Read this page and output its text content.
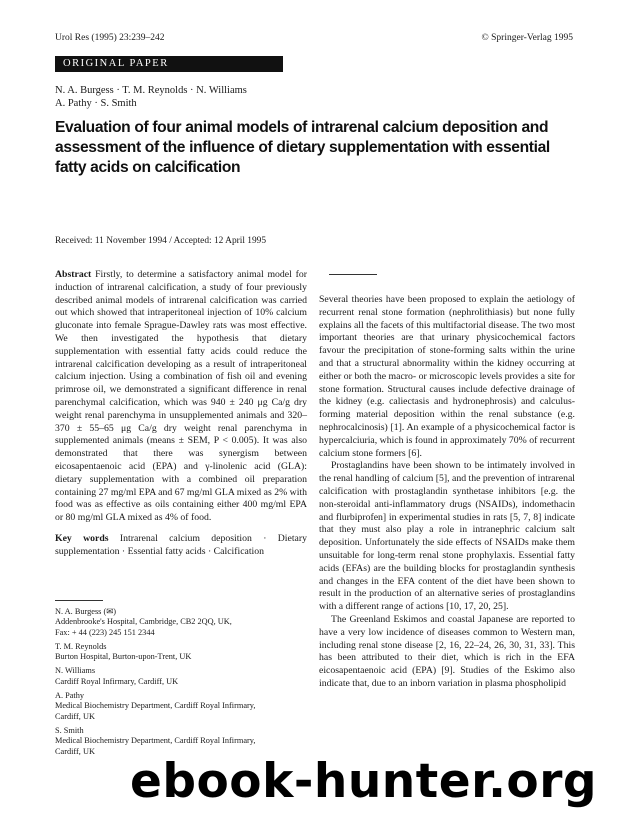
Urol Res (1995) 23:239–242	© Springer-Verlag 1995
ORIGINAL PAPER
N. A. Burgess · T. M. Reynolds · N. Williams
A. Pathy · S. Smith
Evaluation of four animal models of intrarenal calcium deposition and assessment of the influence of dietary supplementation with essential fatty acids on calcification
Received: 11 November 1994 / Accepted: 12 April 1995

Abstract Firstly, to determine a satisfactory animal model for induction of intrarenal calcification, a study of four previously described animal models of intrarenal calcification was carried out which showed that intraperitoneal injection of 10% calcium gluconate into female Sprague-Dawley rats was most effective. We then investigated the hypothesis that dietary supplementation with essential fatty acids could reduce the intrarenal calcification developing as a result of intraperitoneal calcium injection. Using a combination of fish oil and evening primrose oil, we demonstrated a significant difference in renal parenchymal calcification, which was 940 ± 240 μg Ca/g dry weight renal parenchyma in unsupplemented animals and 320–370 ± 55–65 μg Ca/g dry weight renal parenchyma in supplemented animals (means ± SEM, P < 0.005). It was also demonstrated that there was synergism between eicosapentaenoic acid (EPA) and γ-linolenic acid (GLA): dietary supplementation with a combined oil preparation containing 27 mg/ml EPA and 67 mg/ml GLA mixed as 2% with food was as effective as oils containing either 400 mg/ml EPA or 80 mg/ml GLA mixed as 4% of food.

Key words Intrarenal calcium deposition · Dietary supplementation · Essential fatty acids · Calcification

N. A. Burgess (✉)
Addenbrooke's Hospital, Cambridge, CB2 2QQ, UK,
Fax: + 44 (223) 245 151 2344
T. M. Reynolds
Burton Hospital, Burton-upon-Trent, UK
N. Williams
Cardiff Royal Infirmary, Cardiff, UK
A. Pathy
Medical Biochemistry Department, Cardiff Royal Infirmary,
Cardiff, UK
S. Smith
Medical Biochemistry Department, Cardiff Royal Infirmary,
Cardiff, UK

Several theories have been proposed to explain the aetiology of recurrent renal stone formation (nephrolithiasis) but none fully explains all the facets of this multifactorial disease. The two most important theories are that urinary physicochemical factors favour the precipitation of stone-forming salts within the urine and that a structural abnormality within the kidney occurring at either or both the macro- or microscopic levels provides a site for stone formation. Structural causes include defective drainage of the kidney (e.g. caliectasis and hydronephrosis) and calculus-forming material deposition within the renal substance (e.g. nephrocalcinosis) [1]. An example of a physicochemical factor is hypercalciuria, which is found in approximately 70% of recurrent calcium stone formers [6].

Prostaglandins have been shown to be intimately involved in the renal handling of calcium [5], and the prevention of intrarenal calcification with prostaglandin synthetase inhibitors [e.g. the non-steroidal anti-inflammatory drugs (NSAIDs), indomethacin and flurbiprofen] in experimental studies in rats [5, 7, 8] indicate that they must also play a role in intranephric calcium salt deposition. Unfortunately the side effects of NSAIDs make them unsuitable for long-term renal stone prophylaxis. Essential fatty acids (EFAs) are the building blocks for prostaglandin synthesis and changes in the EFA content of the diet have been shown to result in the production of an alternative series of prostaglandins with a different range of actions [10, 17, 20, 25].

The Greenland Eskimos and coastal Japanese are reported to have a very low incidence of diseases common to Western man, including renal stone disease [2, 16, 22–24, 26, 30, 31, 33]. This has been attributed to their diet, which is rich in the EFA eicosapentaenoic acid (EPA) [9]. Studies of the Eskimo also indicate that, due to an inborn variation in plasma phospholipid

ebook-hunter.org
